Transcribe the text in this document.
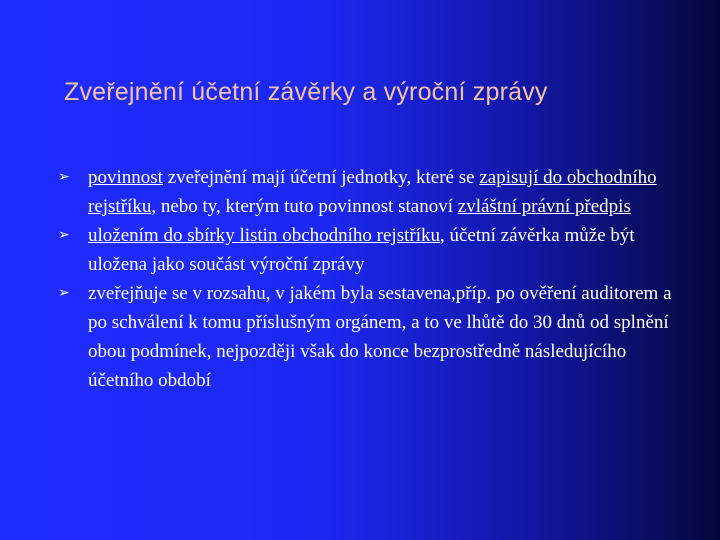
Zveřejnění účetní závěrky a výroční zprávy
➢ povinnost zveřejnění mají účetní jednotky, které se zapisují do obchodního rejstříku, nebo ty, kterým tuto povinnost stanoví zvláštní právní předpis
➢ uložením do sbírky listin obchodního rejstříku, účetní závěrka může být uložena jako součást výroční zprávy
➢ zveřejňuje se v rozsahu, v jakém byla sestavena,příp. po ověření auditorem a po schválení k tomu příslušným orgánem, a to ve lhůtě do 30 dnů od splnění obou podmínek, nejpozději však do konce bezprostředně následujícího účetního období
